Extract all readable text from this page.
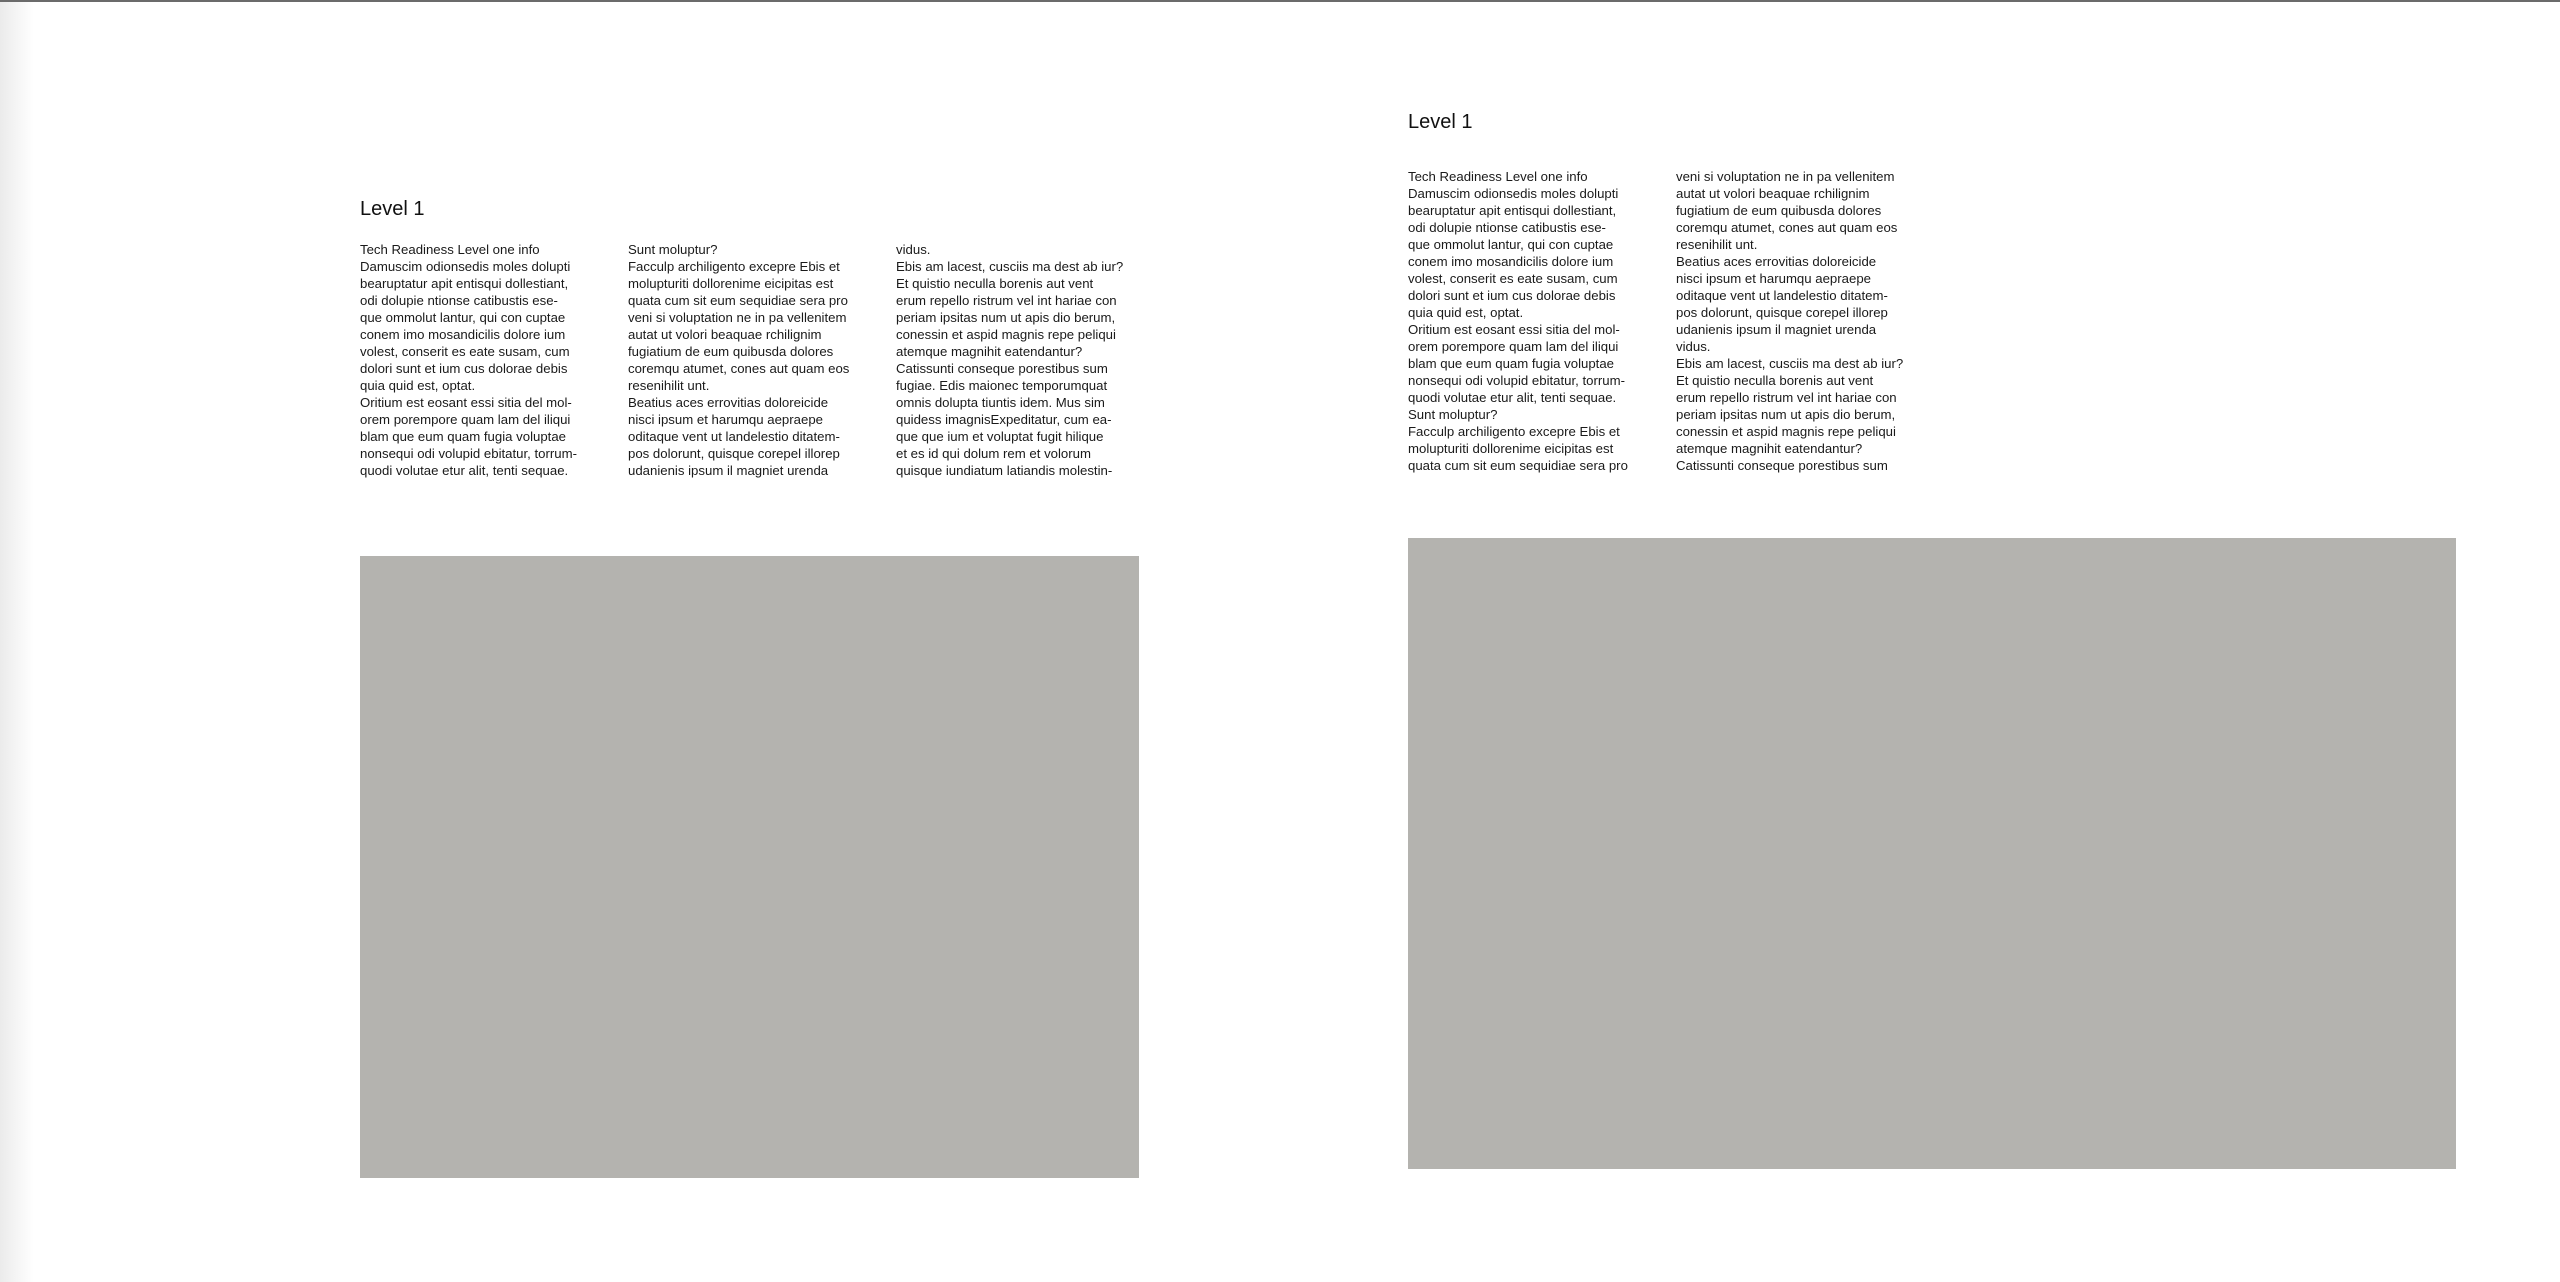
Level 1
Tech Readiness Level one info
Damuscim odionsedis moles dolupti
bearuptatur apit entisqui dollestiant,
odi dolupie ntionse catibustis ese-
que ommolut lantur, qui con cuptae
conem imo mosandicilis dolore ium
volest, conserit es eate susam, cum
dolori sunt et ium cus dolorae debis
quia quid est, optat.
Oritium est eosant essi sitia del mol-
orem porempore quam lam del iliqui
blam que eum quam fugia voluptae
nonsequi odi volupid ebitatur, torrum-
quodi volutae etur alit, tenti sequae.
Sunt moluptur?
Facculp archiligento excepre Ebis et
molupturiti dollorenime eicipitas est
quata cum sit eum sequidiae sera pro
veni si voluptation ne in pa vellenitem
autat ut volori beaquae rchilignim
fugiatium de eum quibusda dolores
coremqu atumet, cones aut quam eos
resenihilit unt.
Beatius aces errovitias doloreicide
nisci ipsum et harumqu aepraepe
oditaque vent ut landelestio ditatem-
pos dolorunt, quisque corepel illorep
udanienis ipsum il magniet urenda
vidus.
Ebis am lacest, cusciis ma dest ab iur?
Et quistio neculla borenis aut vent
erum repello ristrum vel int hariae con
periam ipsitas num ut apis dio berum,
conessin et aspid magnis repe peliqui
atemque magnihit eatendantur?
Catissunti conseque porestibus sum
fugiae. Edis maionec temporumquat
omnis dolupta tiuntis idem. Mus sim
quidess imagnisExpeditatur, cum ea-
que que ium et voluptat fugit hilique
et es id qui dolum rem et volorum
quisque iundiatum latiandis molestin-
Level 1
Tech Readiness Level one info
Damuscim odionsedis moles dolupti
bearuptatur apit entisqui dollestiant,
odi dolupie ntionse catibustis ese-
que ommolut lantur, qui con cuptae
conem imo mosandicilis dolore ium
volest, conserit es eate susam, cum
dolori sunt et ium cus dolorae debis
quia quid est, optat.
Oritium est eosant essi sitia del mol-
orem porempore quam lam del iliqui
blam que eum quam fugia voluptae
nonsequi odi volupid ebitatur, torrum-
quodi volutae etur alit, tenti sequae.
Sunt moluptur?
Facculp archiligento excepre Ebis et
molupturiti dollorenime eicipitas est
quata cum sit eum sequidiae sera pro
veni si voluptation ne in pa vellenitem
autat ut volori beaquae rchilignim
fugiatium de eum quibusda dolores
coremqu atumet, cones aut quam eos
resenihilit unt.
Beatius aces errovitias doloreicide
nisci ipsum et harumqu aepraepe
oditaque vent ut landelestio ditatem-
pos dolorunt, quisque corepel illorep
udanienis ipsum il magniet urenda
vidus.
Ebis am lacest, cusciis ma dest ab iur?
Et quistio neculla borenis aut vent
erum repello ristrum vel int hariae con
periam ipsitas num ut apis dio berum,
conessin et aspid magnis repe peliqui
atemque magnihit eatendantur?
Catissunti conseque porestibus sum
